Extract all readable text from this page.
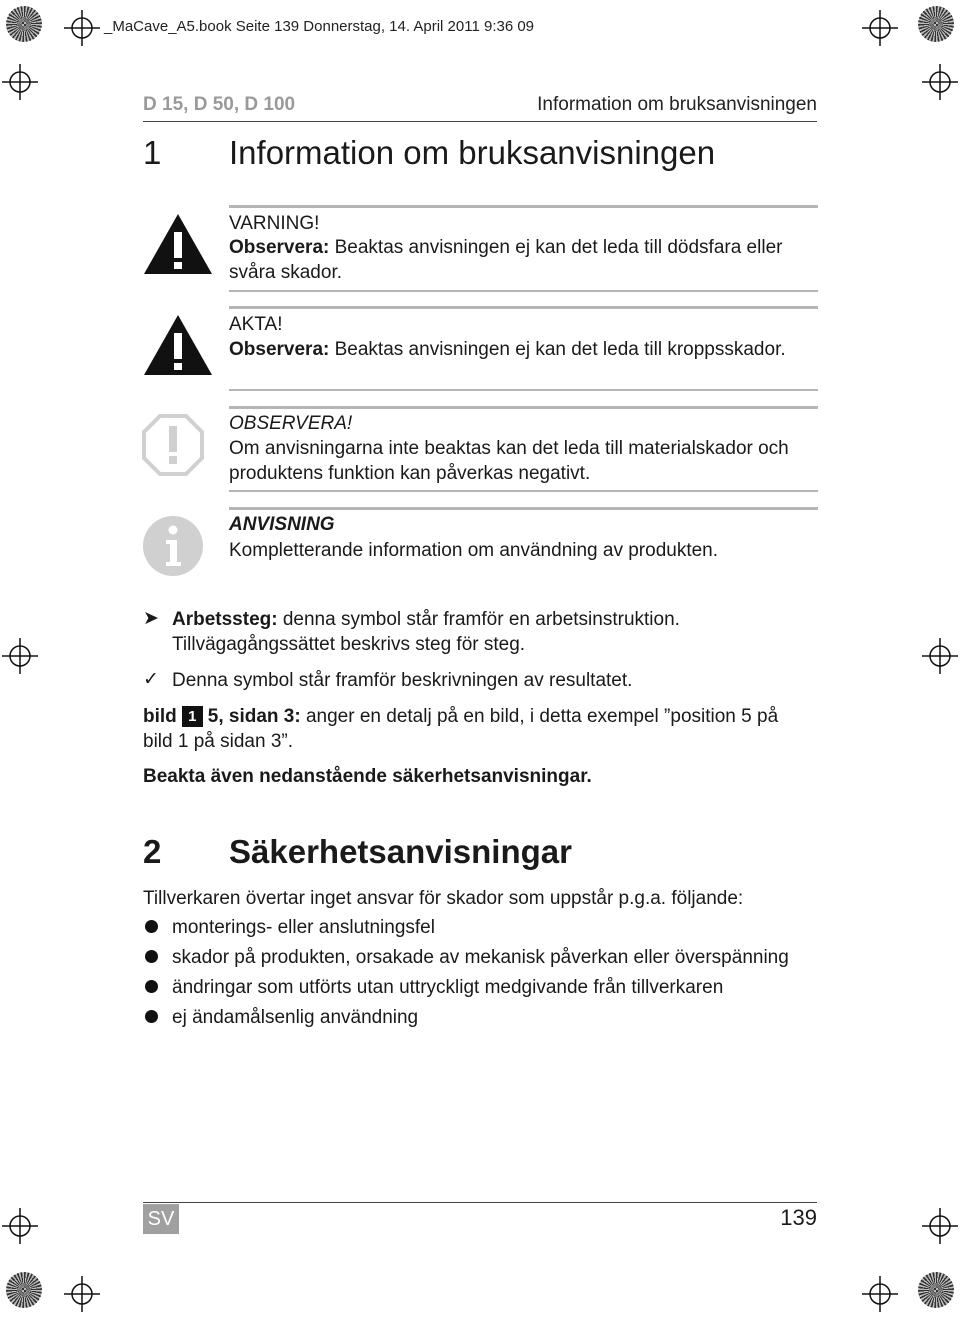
_MaCave_A5.book Seite 139 Donnerstag, 14. April 2011 9:36 09
D 15, D 50, D 100	Information om bruksanvisningen
1 Information om bruksanvisningen
VARNING!
Observera: Beaktas anvisningen ej kan det leda till dödsfara eller
svåra skador.
AKTA!
Observera: Beaktas anvisningen ej kan det leda till kroppsskador.
OBSERVERA!
Om anvisningarna inte beaktas kan det leda till materialskador och
produktens funktion kan påverkas negativt.
ANVISNING
Kompletterande information om användning av produkten.
➤ Arbetssteg: denna symbol står framför en arbetsinstruktion.
Tillvägagångssättet beskrivs steg för steg.
✓ Denna symbol står framför beskrivningen av resultatet.
bild 1 5, sidan 3: anger en detalj på en bild, i detta exempel ”position 5 på
bild 1 på sidan 3”.
Beakta även nedanstående säkerhetsanvisningar.
2 Säkerhetsanvisningar
Tillverkaren övertar inget ansvar för skador som uppstår p.g.a. följande:
monterings- eller anslutningsfel
skador på produkten, orsakade av mekanisk påverkan eller överspänning
ändringar som utförts utan uttryckligt medgivande från tillverkaren
ej ändamålsenlig användning
SV	139
